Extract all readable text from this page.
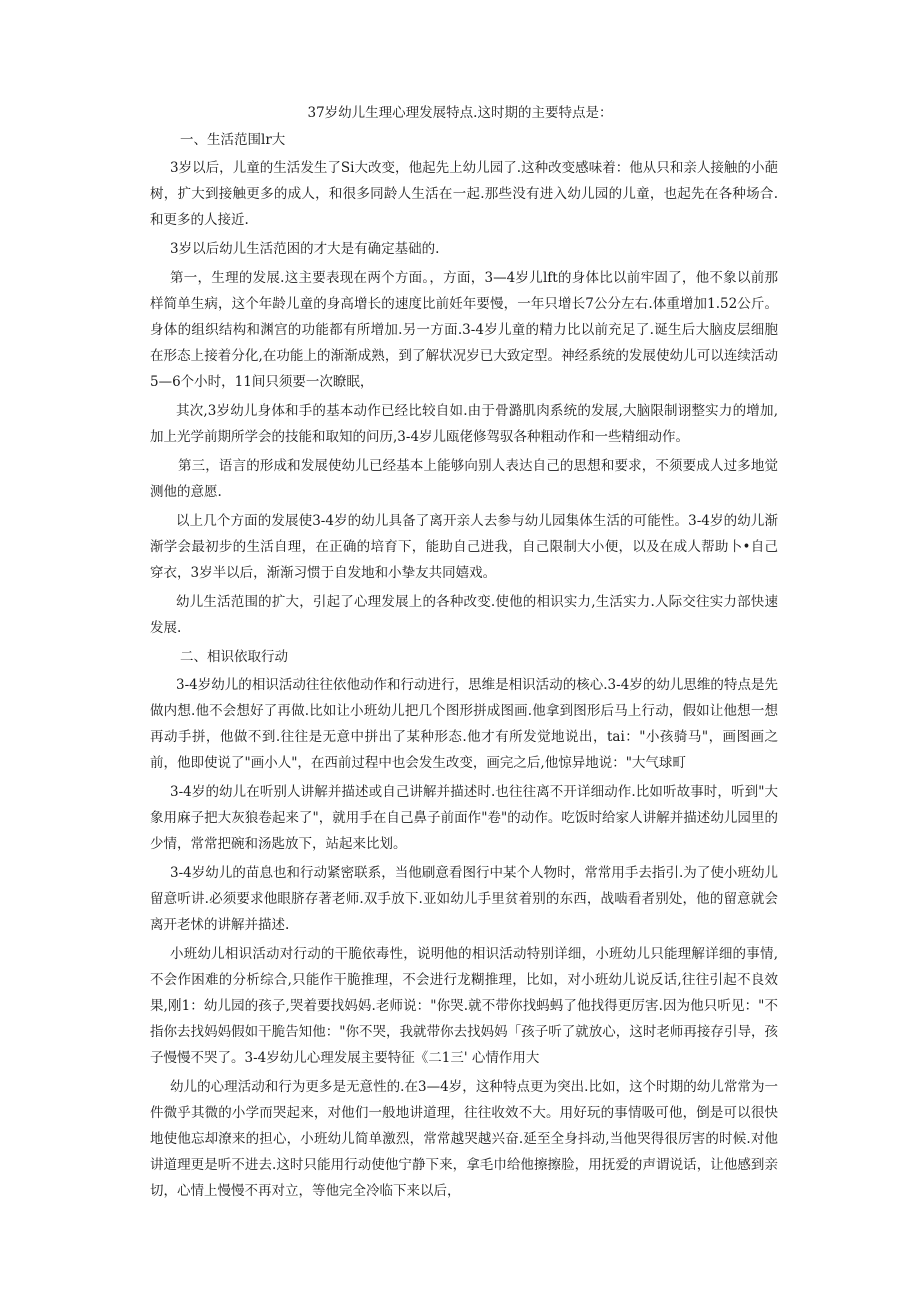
37岁幼儿生理心理发展特点.这时期的主要特点是：

一、生活范围lr大

3岁以后，儿童的生活发生了Si大改变，他起先上幼儿园了.这种改变感味着：他从只和亲人接触的小葩树，扩大到接触更多的成人，和很多同龄人生活在一起.那些没有进入幼儿园的儿童，也起先在各种场合.和更多的人接近.

3岁以后幼儿生活范困的才大是有确定基础的.

第一，生理的发展.这主要表现在两个方面。，方面，3—4岁儿lft的身体比以前牢固了，他不象以前那样简单生病，这个年龄儿童的身高增长的速度比前妊年要慢，一年只增长7公分左右.体重增加1.52公斤。身体的组织结构和渊宫的功能都有所增加.另一方面.3-4岁儿童的精力比以前充足了.诞生后大脑皮层细胞在形态上接着分化,在功能上的渐渐成熟，到了解状况岁已大致定型。神经系统的发展使幼儿可以连续活动5—6个小时，11间只须要一次瞭眠，

其次,3岁幼儿身体和手的基本动作已经比较自如.由于骨潞肌肉系统的发展,大脑限制诩整实力的增加,加上光学前期所学会的技能和取知的问历,3-4岁儿瓯佬修驾驭各种粗动作和一些精细动作。

第三，语言的形成和发展使幼儿已经基本上能够向别人表达自己的思想和要求，不须要成人过多地觉测他的意愿.

以上几个方面的发展使3-4岁的幼儿具备了离开亲人去参与幼儿园集体生活的可能性。3-4岁的幼儿渐渐学会最初步的生活自理，在正确的培育下，能助自己进我，自己限制大小便，以及在成人帮助卜•自己穿衣，3岁半以后，渐渐习惯于自发地和小挚友共同嬉戏。

幼儿生活范围的扩大，引起了心理发展上的各种改变.使他的相识实力,生活实力.人际交往实力部快速发展.

二、相识依取行动

3-4岁幼儿的相识活动往往依他动作和行动进行，思维是相识活动的核心.3-4岁的幼儿思维的特点是先做内想.他不会想好了再做.比如让小班幼儿把几个图形拼成图画.他拿到图形后马上行动，假如让他想一想再动手拼，他做不到.往往是无意中拼出了某种形态.他才有所发觉地说出，tai："小孩骑马"，画图画之前，他即使说了"画小人"，在西前过程中也会发生改变，画完之后,他惊异地说："大气球町

3-4岁的幼儿在听别人讲解并描述或自己讲解并描述时.也往往离不开详细动作.比如听故事时，听到"大象用麻子把大灰狼卷起来了"，就用手在自己鼻子前面作"卷"的动作。吃饭时给家人讲解并描述幼儿园里的少情，常常把碗和汤匙放下，站起来比划。

3-4岁幼儿的苗息也和行动紧密联系，当他刷意看图行中某个人物时，常常用手去指引.为了使小班幼儿留意听讲.必须要求他眼脐存著老师.双手放下.亚如幼儿手里贫着别的东西，战啮看者别处，他的留意就会离开老怵的讲解并描述.

小班幼儿相识活动对行动的干脆依毒性，说明他的相识活动特别详细，小班幼儿只能理解详细的事情,不会作困难的分析综合,只能作干脆推理，不会进行龙糊推理，比如，对小班幼儿说反话,往往引起不良效果,刚1：幼儿园的孩子,哭着要找妈妈.老师说："你哭.就不带你找蚂蚂了他找得更厉害.因为他只听见："不指你去找妈妈假如干脆告知他："你不哭，我就带你去找妈妈「孩子听了就放心，这时老师再接存引导，孩子慢慢不哭了。3-4岁幼儿心理发展主要特征《二1三' 心情作用大

幼儿的心理活动和行为更多是无意性的.在3—4岁，这种特点更为突出.比如，这个时期的幼儿常常为一件微乎其微的小学而哭起来，对他们一般地讲道理，往往收效不大。用好玩的事情吸可他，倒是可以很快地使他忘却潦来的担心，小班幼儿简单激烈，常常越哭越兴奋.延至全身抖动,当他哭得很厉害的时候.对他讲道理更是听不进去.这时只能用行动使他宁静下来，拿毛巾给他擦擦脸，用抚爱的声谓说话，让他感到亲切，心情上慢慢不再对立，等他完全冷临下来以后，
